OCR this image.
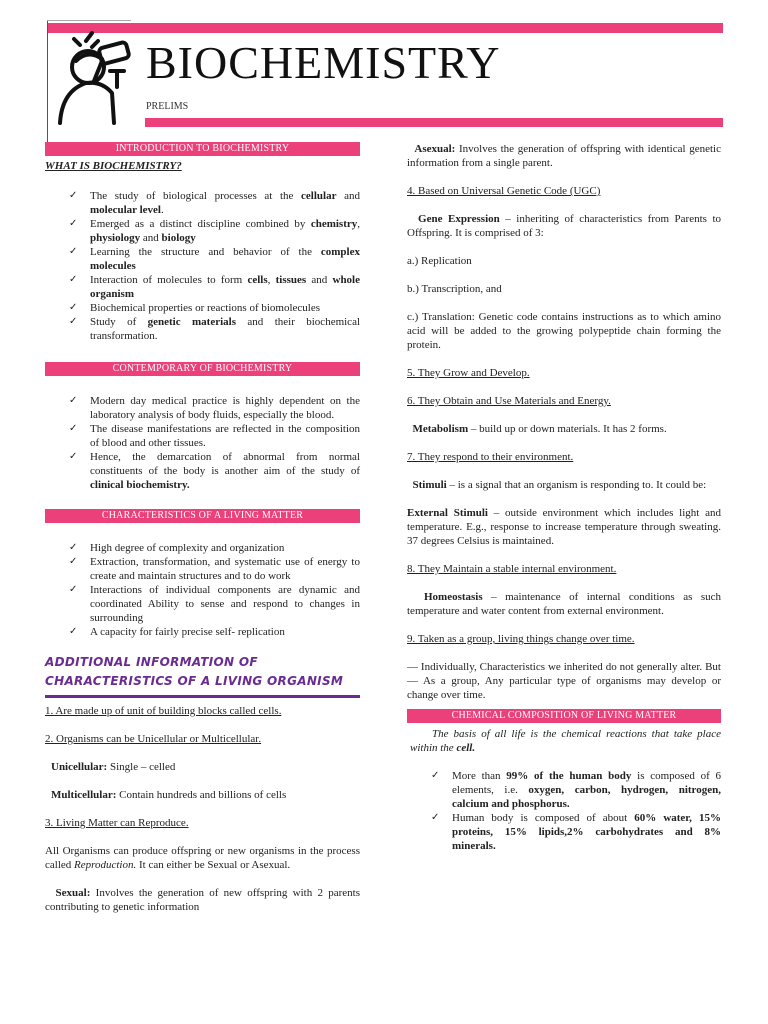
BIOCHEMISTRY
PRELIMS
INTRODUCTION TO BIOCHEMISTRY
WHAT IS BIOCHEMISTRY?
✓ The study of biological processes at the cellular and molecular level.
✓ Emerged as a distinct discipline combined by chemistry, physiology and biology
✓ Learning the structure and behavior of the complex molecules
✓ Interaction of molecules to form cells, tissues and whole organism
✓ Biochemical properties or reactions of biomolecules
✓ Study of genetic materials and their biochemical transformation.
CONTEMPORARY OF BIOCHEMISTRY
✓ Modern day medical practice is highly dependent on the laboratory analysis of body fluids, especially the blood.
✓ The disease manifestations are reflected in the composition of blood and other tissues.
✓ Hence, the demarcation of abnormal from normal constituents of the body is another aim of the study of clinical biochemistry.
CHARACTERISTICS OF A LIVING MATTER
✓ High degree of complexity and organization
✓ Extraction, transformation, and systematic use of energy to create and maintain structures and to do work
✓ Interactions of individual components are dynamic and coordinated Ability to sense and respond to changes in surrounding
✓ A capacity for fairly precise self- replication
ADDITIONAL INFORMATION OF CHARACTERISTICS OF A LIVING ORGANISM

1. Are made up of unit of building blocks called cells.

2. Organisms can be Unicellular or Multicellular.

Unicellular: Single – celled

Multicellular: Contain hundreds and billions of cells

3. Living Matter can Reproduce.

All Organisms can produce offspring or new organisms in the process called Reproduction. It can either be Sexual or Asexual.

Sexual: Involves the generation of new offspring with 2 parents contributing to genetic information

Asexual: Involves the generation of offspring with identical genetic information from a single parent.

4. Based on Universal Genetic Code (UGC)

Gene Expression – inheriting of characteristics from Parents to Offspring. It is comprised of 3:

a.) Replication

b.) Transcription, and

c.) Translation: Genetic code contains instructions as to which amino acid will be added to the growing polypeptide chain forming the protein.

5. They Grow and Develop.

6. They Obtain and Use Materials and Energy.

Metabolism – build up or down materials. It has 2 forms.

7. They respond to their environment.

Stimuli – is a signal that an organism is responding to. It could be:

External Stimuli – outside environment which includes light and temperature. E.g., response to increase temperature through sweating. 37 degrees Celsius is maintained.

8. They Maintain a stable internal environment.

Homeostasis – maintenance of internal conditions as such temperature and water content from external environment.

9. Taken as a group, living things change over time.

— Individually, Characteristics we inherited do not generally alter. But — As a group, Any particular type of organisms may develop or change over time.

CHEMICAL COMPOSITION OF LIVING MATTER

The basis of all life is the chemical reactions that take place within the cell.

✓ More than 99% of the human body is composed of 6 elements, i.e. oxygen, carbon, hydrogen, nitrogen, calcium and phosphorus.
✓ Human body is composed of about 60% water, 15% proteins, 15% lipids,2% carbohydrates and 8% minerals.
